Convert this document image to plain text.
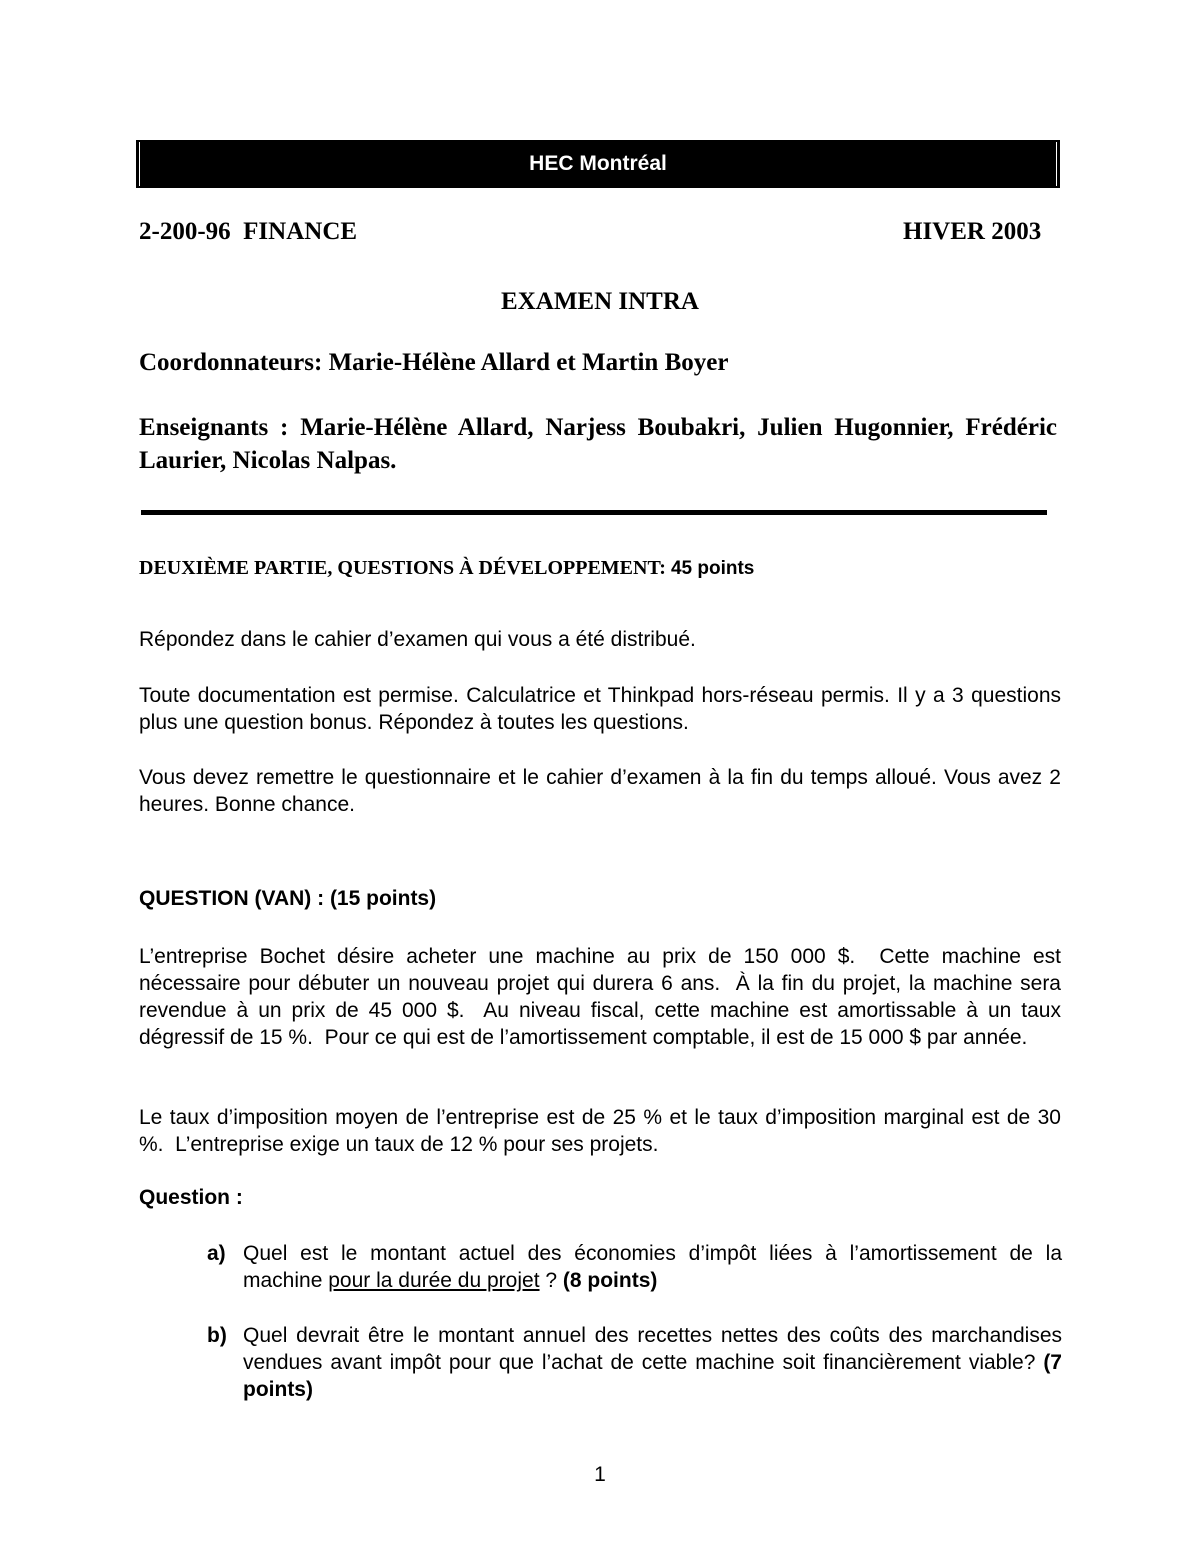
HEC Montréal
2-200-96  FINANCE	HIVER 2003
EXAMEN INTRA
Coordonnateurs: Marie-Hélène Allard et Martin Boyer
Enseignants : Marie-Hélène Allard, Narjess Boubakri, Julien Hugonnier, Frédéric Laurier, Nicolas Nalpas.
DEUXIÈME PARTIE, QUESTIONS À DÉVELOPPEMENT: 45 points
Répondez dans le cahier d’examen qui vous a été distribué.
Toute documentation est permise. Calculatrice et Thinkpad hors-réseau permis. Il y a 3 questions plus une question bonus. Répondez à toutes les questions.
Vous devez remettre le questionnaire et le cahier d’examen à la fin du temps alloué. Vous avez 2 heures. Bonne chance.
QUESTION (VAN) : (15 points)
L’entreprise Bochet désire acheter une machine au prix de 150 000 $.  Cette machine est nécessaire pour débuter un nouveau projet qui durera 6 ans.  À la fin du projet, la machine sera revendue à un prix de 45 000 $.  Au niveau fiscal, cette machine est amortissable à un taux dégressif de 15 %.  Pour ce qui est de l’amortissement comptable, il est de 15 000 $ par année.
Le taux d’imposition moyen de l’entreprise est de 25 % et le taux d’imposition marginal est de 30 %.  L’entreprise exige un taux de 12 % pour ses projets.
Question :
a) Quel est le montant actuel des économies d’impôt liées à l’amortissement de la machine pour la durée du projet ? (8 points)
b) Quel devrait être le montant annuel des recettes nettes des coûts des marchandises vendues avant impôt pour que l’achat de cette machine soit financièrement viable? (7 points)
1
